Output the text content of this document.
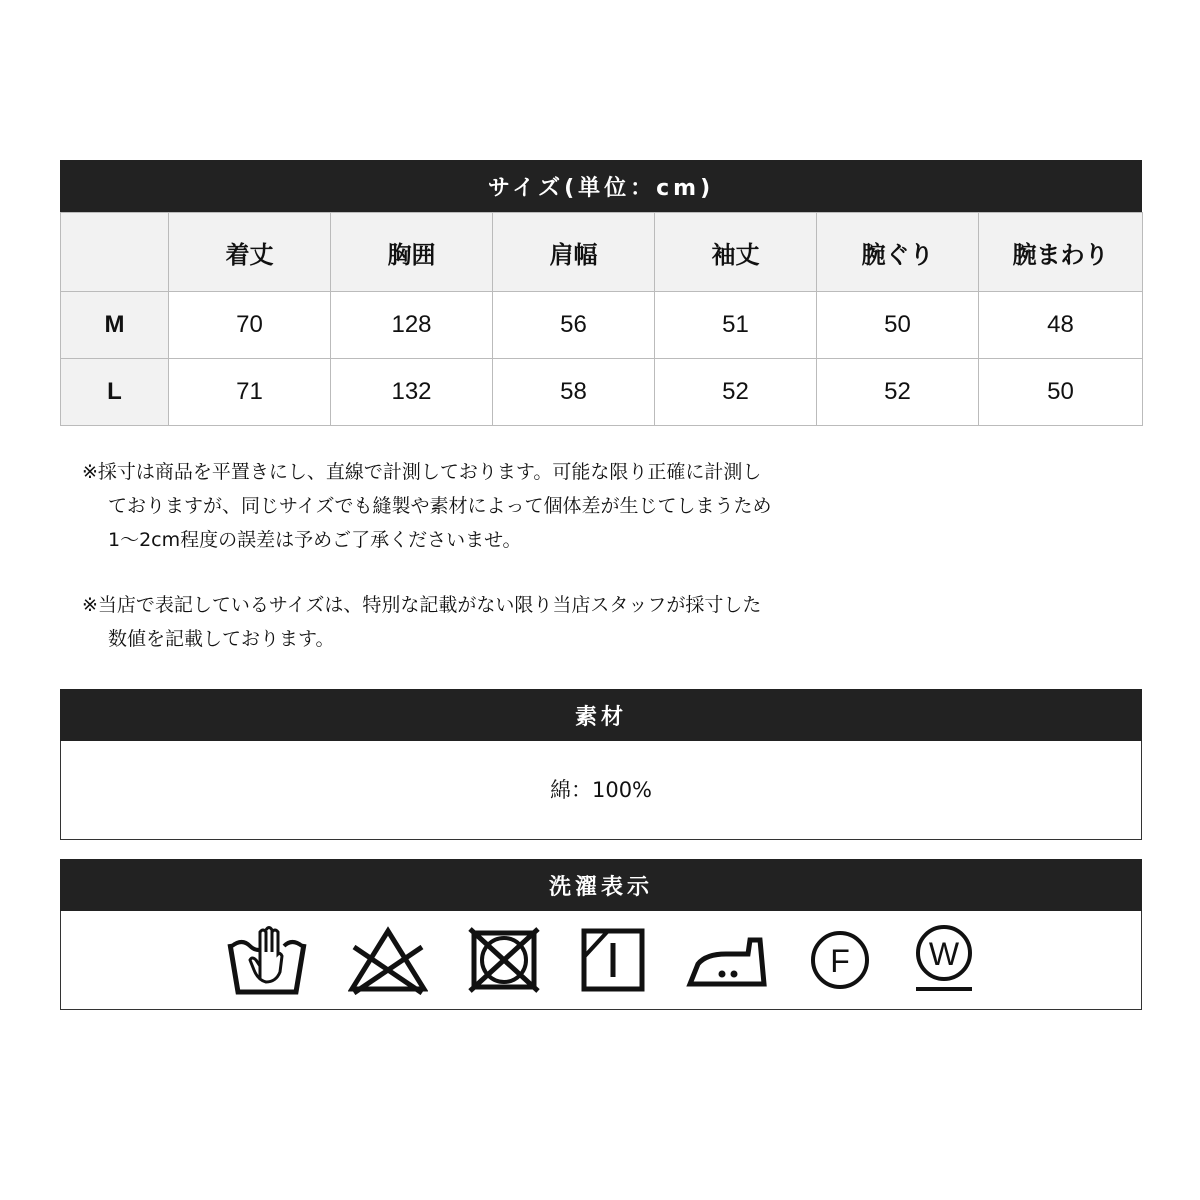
サイズ(単位：cm)
	着丈	胸囲	肩幅	袖丈	腕ぐり	腕まわり
M	70	128	56	51	50	48
L	71	132	58	52	52	50

※採寸は商品を平置きにし、直線で計測しております。可能な限り正確に計測し

ておりますが、同じサイズでも縫製や素材によって個体差が生じてしまうため

1〜2cm程度の誤差は予めご了承くださいませ。

※当店で表記しているサイズは、特別な記載がない限り当店スタッフが採寸した

数値を記載しております。

素材
綿：100%
洗濯表示
F W
